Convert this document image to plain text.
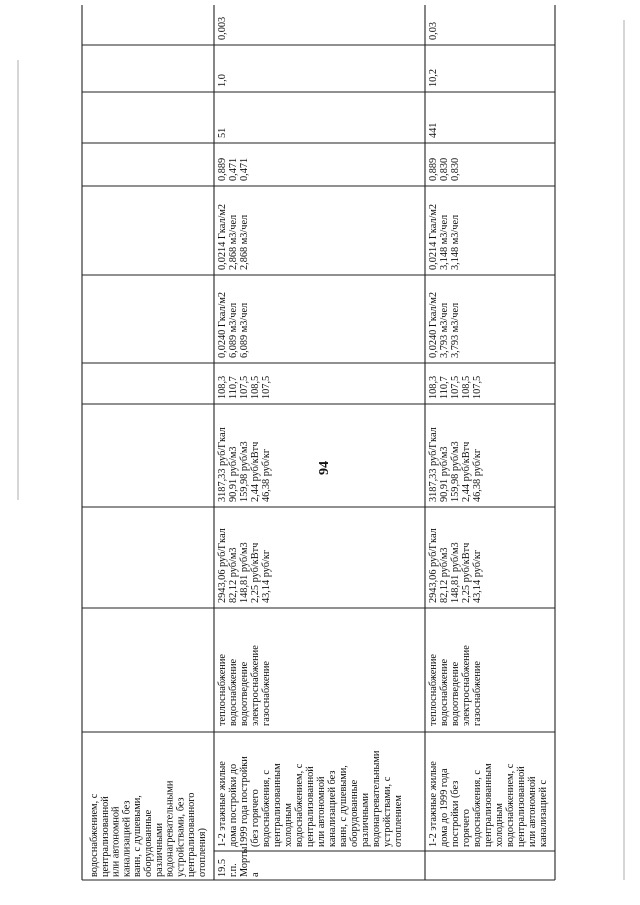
94
водоснабжением, с централизованной или автономной канализацией без ванн, с душевыми, оборудованные различными водонагревательными устройствами, без централизованного отопления) 19.5 г.п. Морты а
1-2 этажные жилые дома постройки до 1999 года постройки (без горячего водоснабжения, с централизованным холодным водоснабжением, с централизованной или автономной канализацией без ванн, с душевыми, оборудованные различными водонагревательными устройствами, с отоплением
теплоснабжение водоснабжение водоотведение электроснабжение газоснабжение
2943,06 руб/Гкал 82,12 руб/м3 148,81 руб/м3 2,25 руб/кВтч 43,14 руб/кг
3187,33 руб/Гкал 90,91 руб/м3 159,98 руб/м3 2,44 руб/кВтч 46,38 руб/кг
108,3 110,7 107,5 108,5 107,5
0,0240 Гкал/м2 6,089 м3/чел 6,089 м3/чел
0,0214 Гкал/м2 2,868 м3/чел 2,868 м3/чел
0,889 0,471 0,471
51
1,0
0,003
1-2 этажные жилые дома до 1999 года постройки (без горячего водоснабжения, с централизованным холодным водоснабжением, с централизованной или автономной канализацией с
теплоснабжение водоснабжение водоотведение электроснабжение газоснабжение
2943,06 руб/Гкал 82,12 руб/м3 148,81 руб/м3 2,25 руб/кВтч 43,14 руб/кг
3187,33 руб/Гкал 90,91 руб/м3 159,98 руб/м3 2,44 руб/кВтч 46,38 руб/кг
108,3 110,7 107,5 108,5 107,5
0,0240 Гкал/м2 3,793 м3/чел 3,793 м3/чел
0,0214 Гкал/м2 3,148 м3/чел 3,148 м3/чел
0,889 0,830 0,830
441
10,2
0,03
